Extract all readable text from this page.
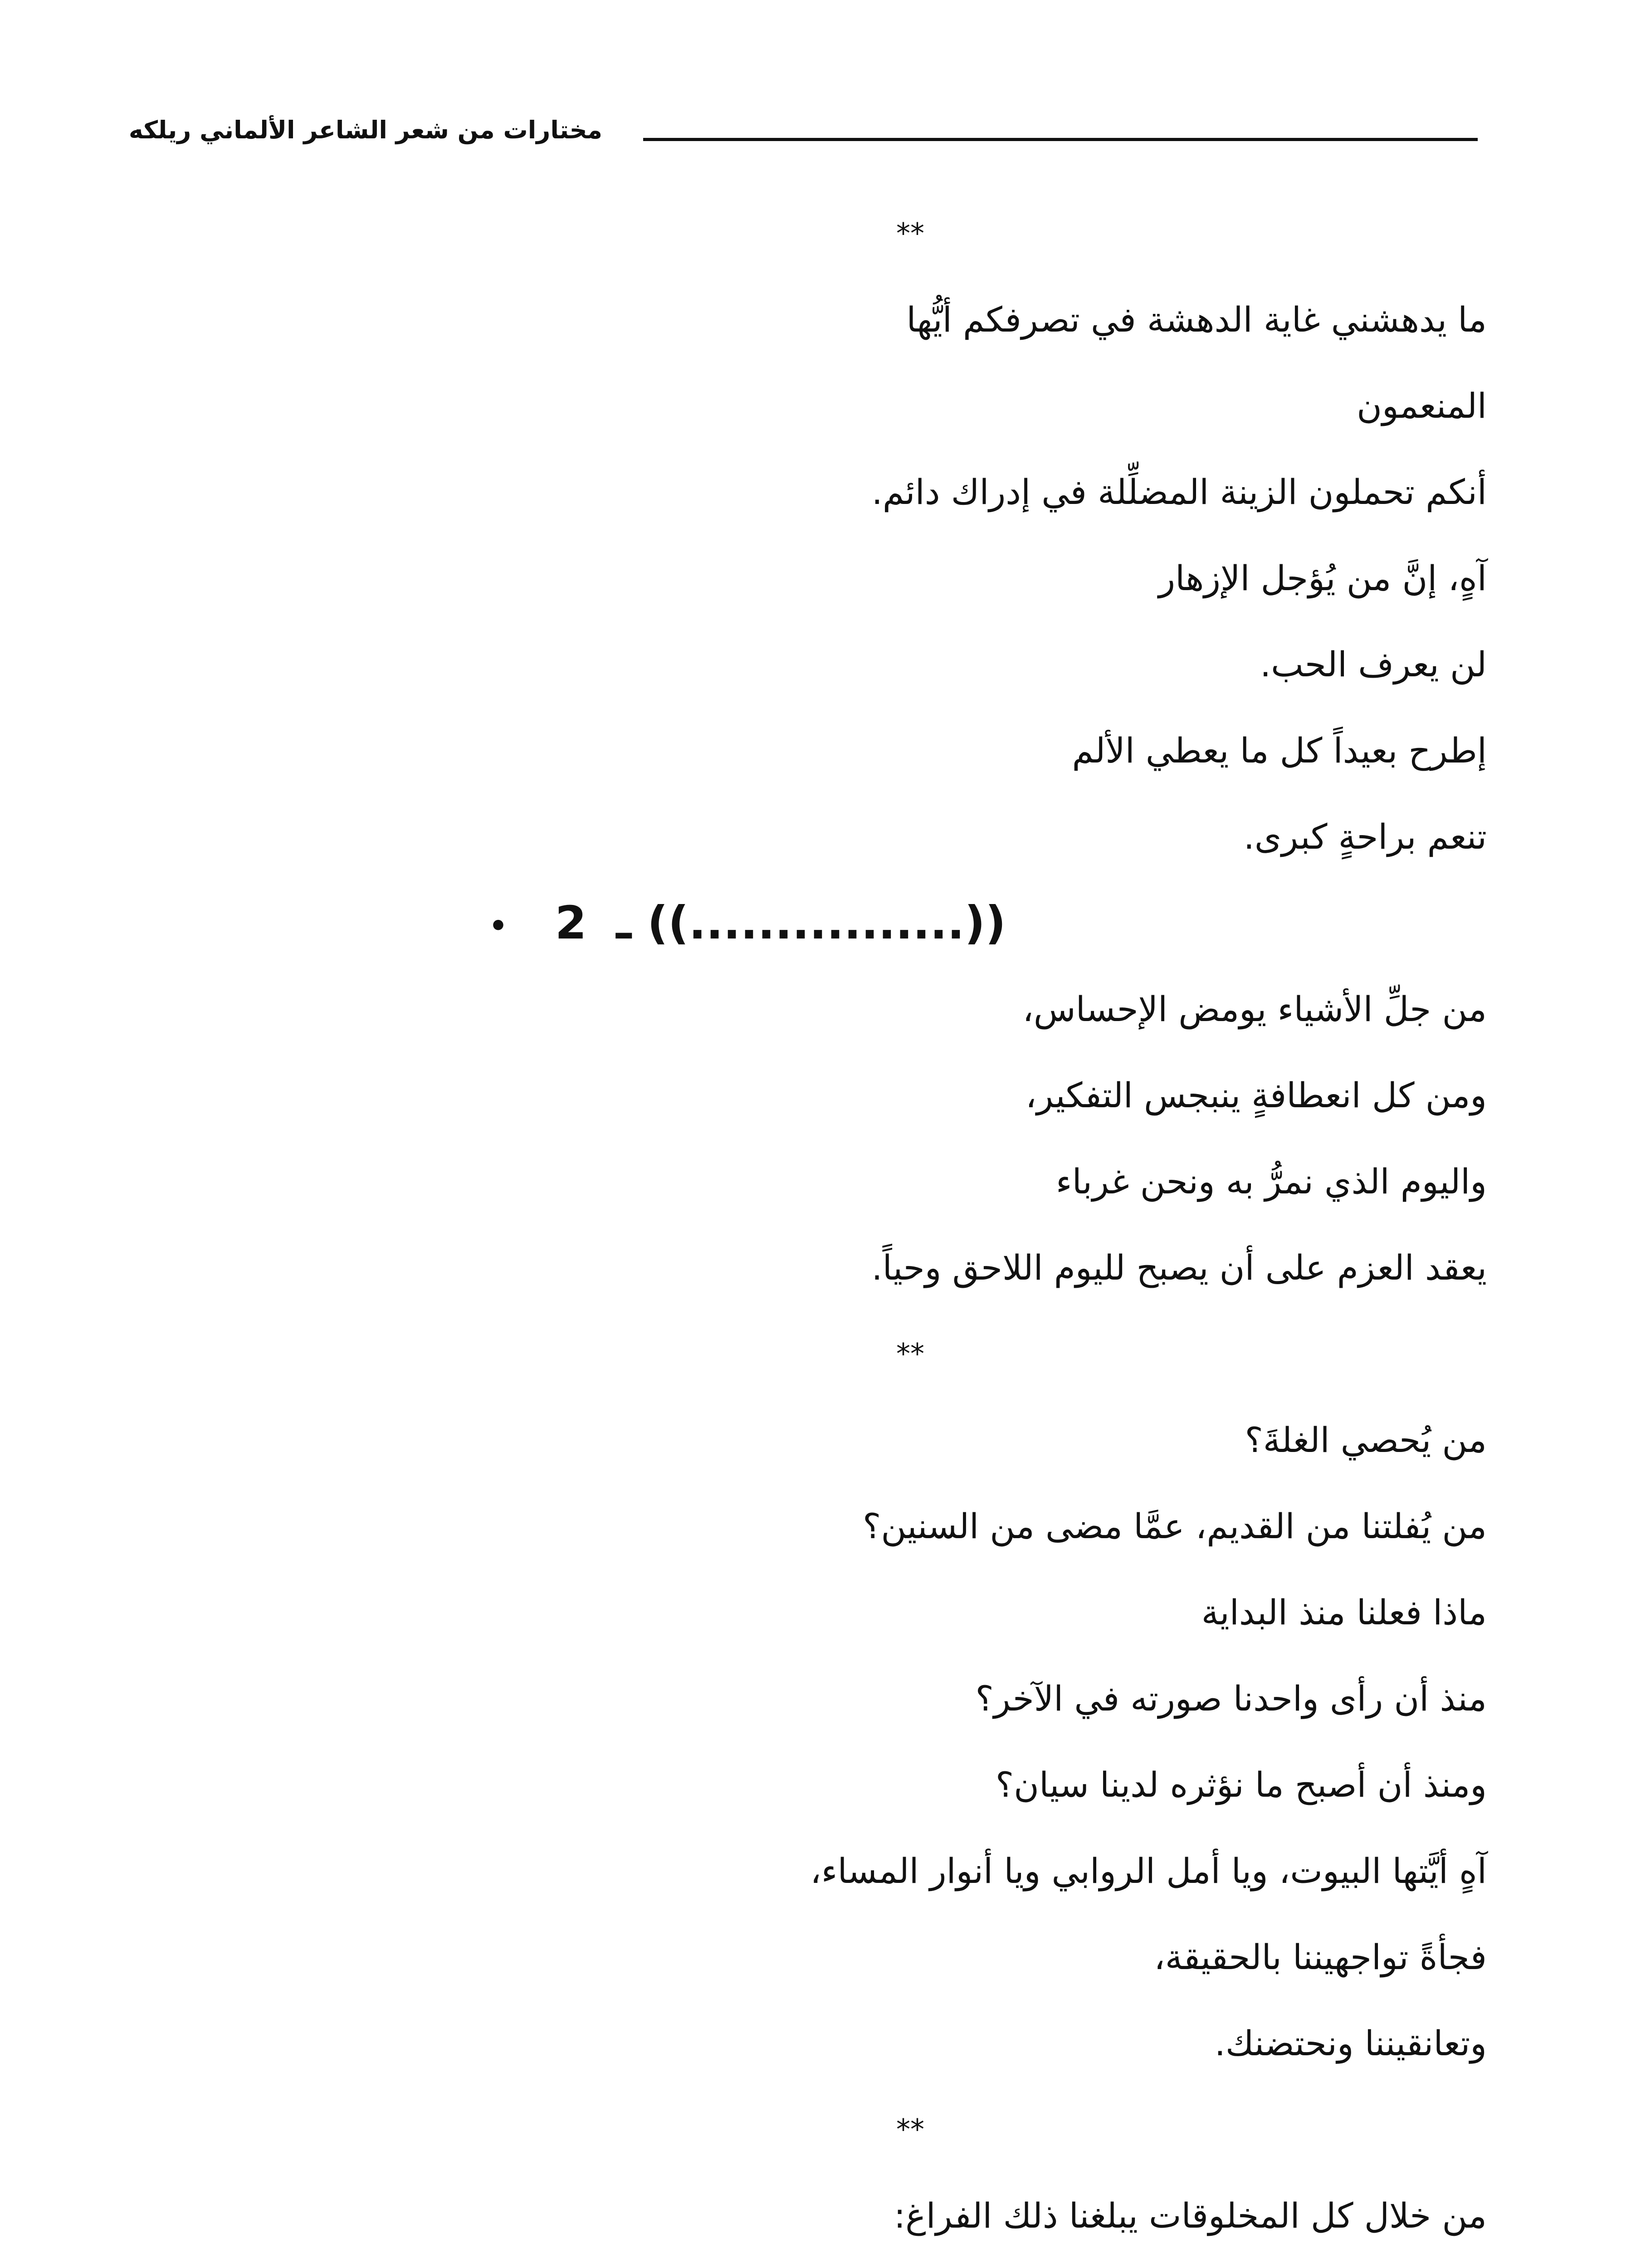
مختارات من شعر الشاعر الألماني ريلكه
**
ما يدهشني غاية الدهشة في تصرفكم أيُّها
المنعمون
أنكم تحملون الزينة المضلِّلة في إدراك دائم.
آهٍ، إنَّ من يُؤجل الإزهار
لن يعرف الحب.
إطرح بعيداً كل ما يعطي الألم
تنعم براحةٍ كبرى.
• 2 ـ ((................))
من جلِّ الأشياء يومض الإحساس،
ومن كل انعطافةٍ ينبجس التفكير،
واليوم الذي نمرُّ به ونحن غرباء
يعقد العزم على أن يصبح لليوم اللاحق وحياً.
**
من يُحصي الغلةَ؟
من يُفلتنا من القديم، عمَّا مضى من السنين؟
ماذا فعلنا منذ البداية
منذ أن رأى واحدنا صورته في الآخر؟
ومنذ أن أصبح ما نؤثره لدينا سيان؟
آهٍ أيَّتها البيوت، ويا أمل الروابي ويا أنوار المساء،
فجأةً تواجهيننا بالحقيقة،
وتعانقيننا ونحتضنك.
**
من خلال كل المخلوقات يبلغنا ذلك الفراغ:
